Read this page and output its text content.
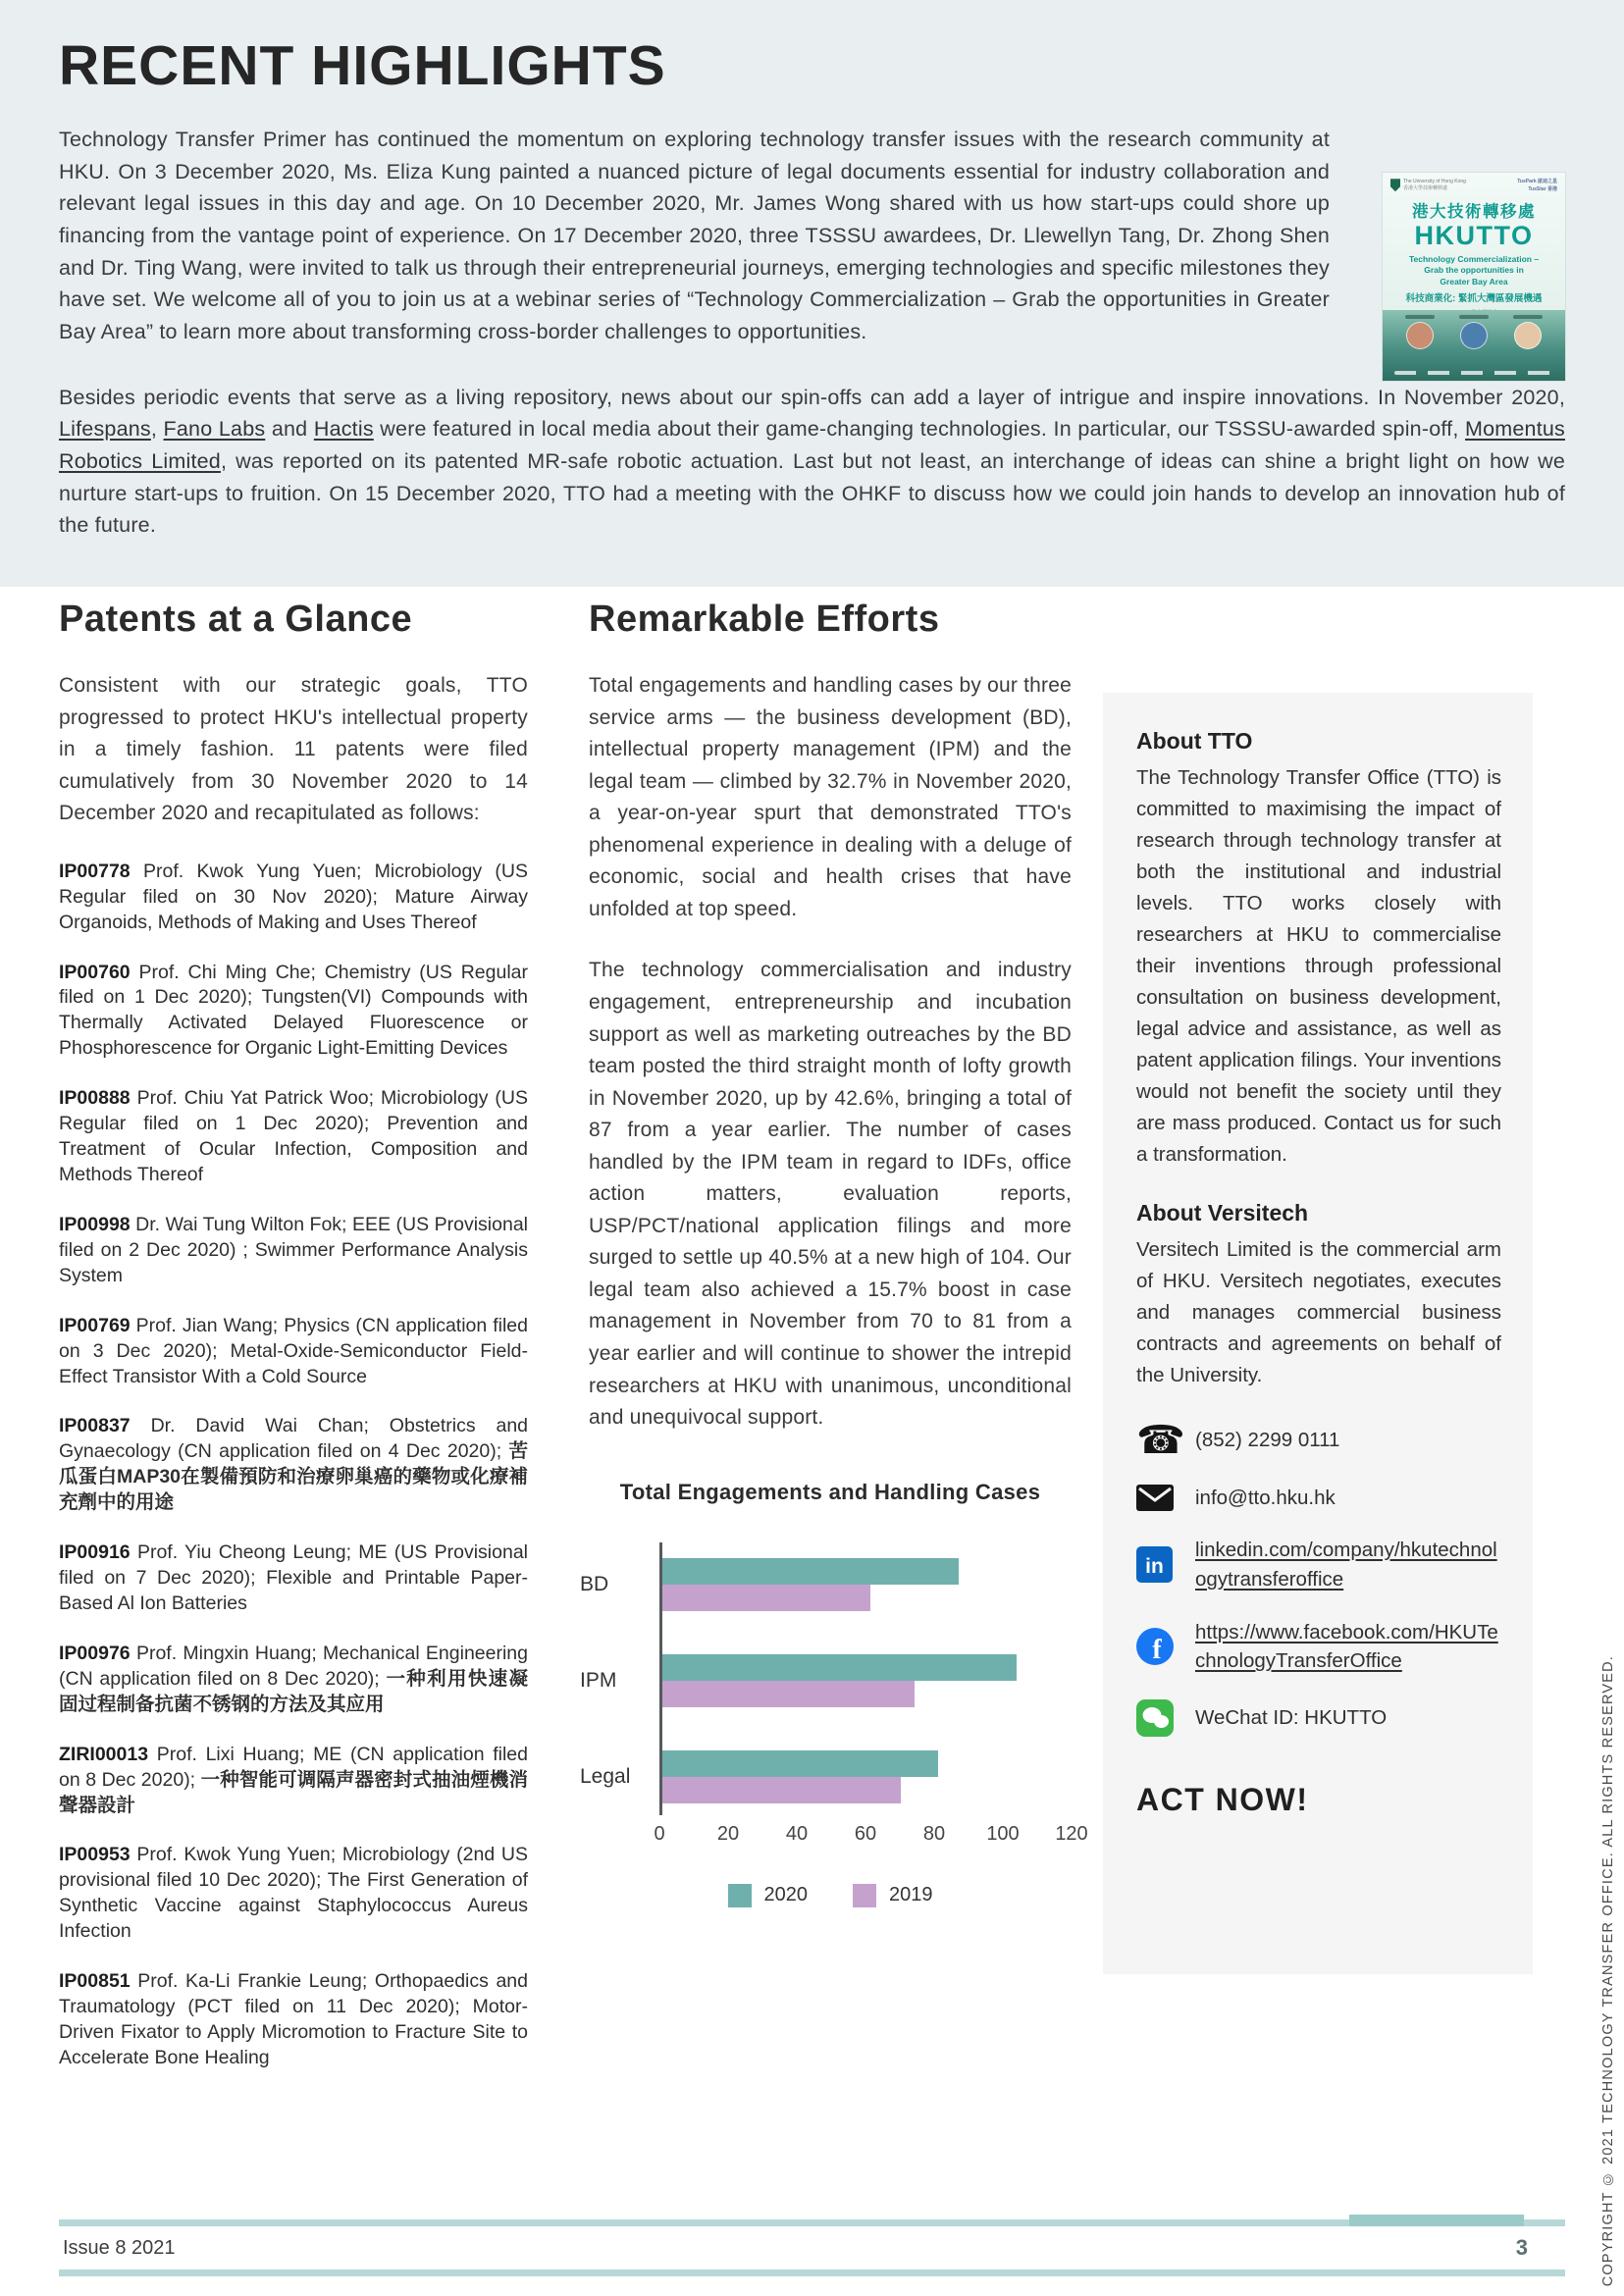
RECENT HIGHLIGHTS

Technology Transfer Primer has continued the momentum on exploring technology transfer issues with the research community at HKU. On 3 December 2020, Ms. Eliza Kung painted a nuanced picture of legal documents essential for industry collaboration and relevant legal issues in this day and age. On 10 December 2020, Mr. James Wong shared with us how start-ups could shore up financing from the vantage point of experience. On 17 December 2020, three TSSSU awardees, Dr. Llewellyn Tang, Dr. Zhong Shen and Dr. Ting Wang, were invited to talk us through their entrepreneurial journeys, emerging technologies and specific milestones they have set. We welcome all of you to join us at a webinar series of “Technology Commercialization – Grab the opportunities in Greater Bay Area” to learn more about transforming cross-border challenges to opportunities.

The University of Hong Kong
香港大學技術轉移處
TusPark 啟迪之星
TusStar 香港
港大技術轉移處
HKUTTO
Technology Commercialization –
Grab the opportunities in
Greater Bay Area
科技商業化: 緊抓大灣區發展機遇

Besides periodic events that serve as a living repository, news about our spin-offs can add a layer of intrigue and inspire innovations. In November 2020, Lifespans, Fano Labs and Hactis were featured in local media about their game-changing technologies. In particular, our TSSSU-awarded spin-off, Momentus Robotics Limited, was reported on its patented MR-safe robotic actuation. Last but not least, an interchange of ideas can shine a bright light on how we nurture start-ups to fruition. On 15 December 2020, TTO had a meeting with the OHKF to discuss how we could join hands to develop an innovation hub of the future.

Patents at a Glance

Consistent with our strategic goals, TTO progressed to protect HKU's intellectual property in a timely fashion. 11 patents were filed cumulatively from 30 November 2020 to 14 December 2020 and recapitulated as follows:

IP00778 Prof. Kwok Yung Yuen; Microbiology (US Regular filed on 30 Nov 2020); Mature Airway Organoids, Methods of Making and Uses Thereof

IP00760 Prof. Chi Ming Che; Chemistry (US Regular filed on 1 Dec 2020); Tungsten(VI) Compounds with Thermally Activated Delayed Fluorescence or Phosphorescence for Organic Light-Emitting Devices

IP00888 Prof. Chiu Yat Patrick Woo; Microbiology (US Regular filed on 1 Dec 2020); Prevention and Treatment of Ocular Infection, Composition and Methods Thereof

IP00998 Dr. Wai Tung Wilton Fok; EEE (US Provisional filed on 2 Dec 2020) ; Swimmer Performance Analysis System

IP00769 Prof. Jian Wang; Physics (CN application filed on 3 Dec 2020); Metal-Oxide-Semiconductor Field-Effect Transistor With a Cold Source

IP00837 Dr. David Wai Chan; Obstetrics and Gynaecology (CN application filed on 4 Dec 2020); 苦瓜蛋白MAP30在製備預防和治療卵巢癌的藥物或化療補充劑中的用途

IP00916 Prof. Yiu Cheong Leung; ME (US Provisional filed on 7 Dec 2020); Flexible and Printable Paper-Based Al Ion Batteries

IP00976 Prof. Mingxin Huang; Mechanical Engineering (CN application filed on 8 Dec 2020); 一种利用快速凝固过程制备抗菌不锈钢的方法及其应用

ZIRI00013 Prof. Lixi Huang; ME (CN application filed on 8 Dec 2020); 一种智能可调隔声器密封式抽油煙機消聲器設計

IP00953 Prof. Kwok Yung Yuen; Microbiology (2nd US provisional filed 10 Dec 2020); The First Generation of Synthetic Vaccine against Staphylococcus Aureus Infection

IP00851 Prof. Ka-Li Frankie Leung; Orthopaedics and Traumatology (PCT filed on 11 Dec 2020); Motor-Driven Fixator to Apply Micromotion to Fracture Site to Accelerate Bone Healing

Remarkable Efforts

Total engagements and handling cases by our three service arms — the business development (BD), intellectual property management (IPM) and the legal team — climbed by 32.7% in November 2020, a year-on-year spurt that demonstrated TTO's phenomenal experience in dealing with a deluge of economic, social and health crises that have unfolded at top speed.

The technology commercialisation and industry engagement, entrepreneurship and incubation support as well as marketing outreaches by the BD team posted the third straight month of lofty growth in November 2020, up by 42.6%, bringing a total of 87 from a year earlier. The number of cases handled by the IPM team in regard to IDFs, office action matters, evaluation reports, USP/PCT/national application filings and more surged to settle up 40.5% at a new high of 104. Our legal team also achieved a 15.7% boost in case management in November from 70 to 81 from a year earlier and will continue to shower the intrepid researchers at HKU with unanimous, unconditional and unequivocal support.

Total Engagements and Handling Cases
BD
IPM
Legal
0	20 40 60 80 100 120
2020	2019
About TTO

The Technology Transfer Office (TTO) is committed to maximising the impact of research through technology transfer at both the institutional and industrial levels. TTO works closely with researchers at HKU to commercialise their inventions through professional consultation on business development, legal advice and assistance, as well as patent application filings. Your inventions would not benefit the society until they are mass produced. Contact us for such a transformation.

About Versitech

Versitech Limited is the commercial arm of HKU. Versitech negotiates, executes and manages commercial business contracts and agreements on behalf of the University.

☎ (852) 2299 0111
info@tto.hku.hk
in
linkedin.com/company/hkutechnologytransferoffice
f
https://www.facebook.com/HKUTechnologyTransferOffice
WeChat ID: HKUTTO
ACT NOW!
Issue 8 2021	3	COPYRIGHT © 2021 TECHNOLOGY TRANSFER OFFICE. ALL RIGHTS RESERVED.
